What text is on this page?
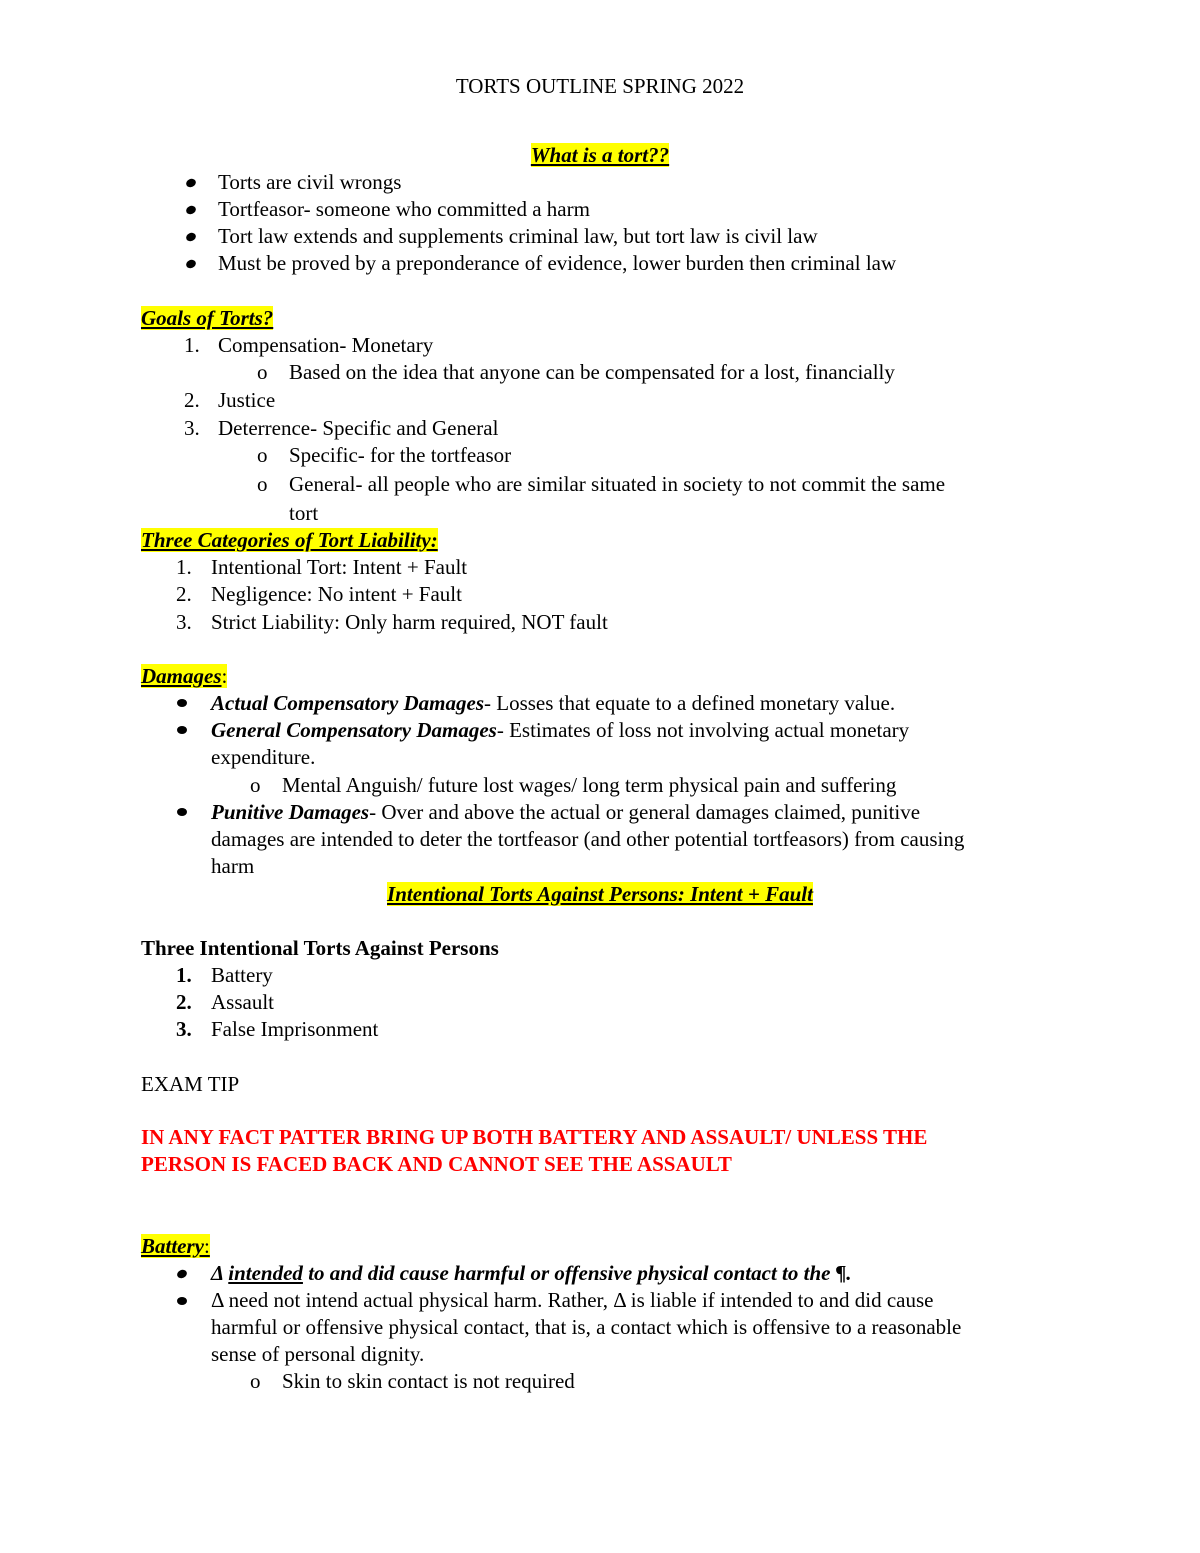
TORTS OUTLINE SPRING 2022
What is a tort??
Torts are civil wrongs
Tortfeasor- someone who committed a harm
Tort law extends and supplements criminal law, but tort law is civil law
Must be proved by a preponderance of evidence, lower burden then criminal law
Goals of Torts?
1. Compensation- Monetary
o Based on the idea that anyone can be compensated for a lost, financially
2. Justice
3. Deterrence- Specific and General
o Specific- for the tortfeasor
o General- all people who are similar situated in society to not commit the same
tort
Three Categories of Tort Liability:
1. Intentional Tort: Intent + Fault
2. Negligence: No intent + Fault
3. Strict Liability: Only harm required, NOT fault
Damages:
Actual Compensatory Damages- Losses that equate to a defined monetary value.
General Compensatory Damages- Estimates of loss not involving actual monetary
expenditure.
o Mental Anguish/ future lost wages/ long term physical pain and suffering
Punitive Damages- Over and above the actual or general damages claimed, punitive
damages are intended to deter the tortfeasor (and other potential tortfeasors) from causing
harm
Intentional Torts Against Persons: Intent + Fault
Three Intentional Torts Against Persons
1. Battery
2. Assault
3. False Imprisonment
EXAM TIP
IN ANY FACT PATTER BRING UP BOTH BATTERY AND ASSAULT/ UNLESS THE
PERSON IS FACED BACK AND CANNOT SEE THE ASSAULT
Battery:
Δ intended to and did cause harmful or offensive physical contact to the ¶.
Δ need not intend actual physical harm. Rather, Δ is liable if intended to and did cause
harmful or offensive physical contact, that is, a contact which is offensive to a reasonable
sense of personal dignity.
o Skin to skin contact is not required
